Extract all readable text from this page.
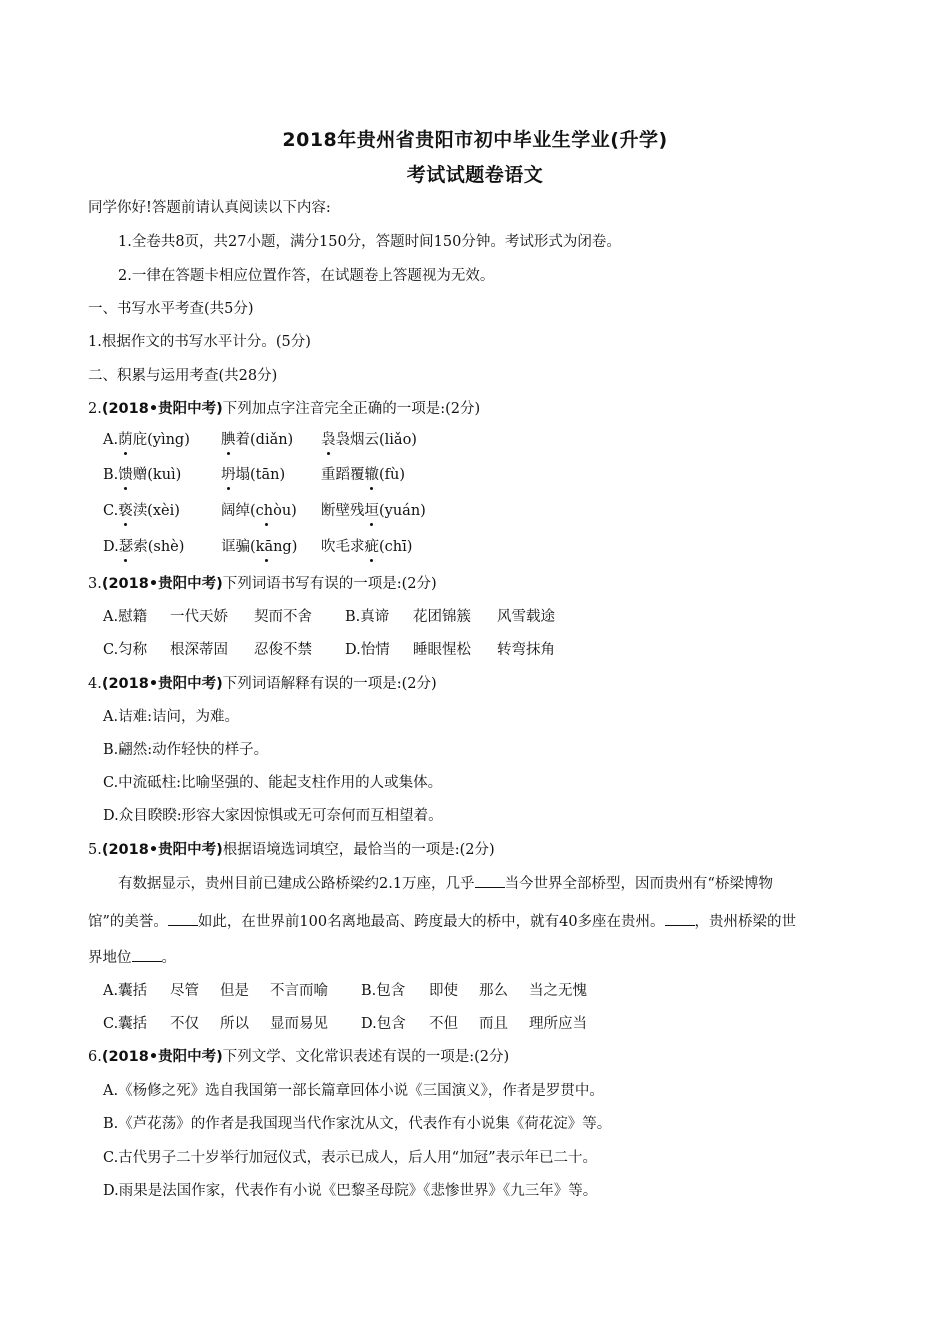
2018年贵州省贵阳市初中毕业生学业(升学)
考试试题卷语文
同学你好!答题前请认真阅读以下内容:
1.全卷共8页，共27小题，满分150分，答题时间150分钟。考试形式为闭卷。
2.一律在答题卡相应位置作答，在试题卷上答题视为无效。
一、书写水平考查(共5分)
1.根据作文的书写水平计分。(5分)
二、积累与运用考查(共28分)
2.(2018•贵阳中考)下列加点字注音完全正确的一项是:(2分)
A.荫庇(yìng) 腆着(diǎn) 袅袅烟云(liǎo)
B.馈赠(kuì)	坍塌(tān) 重蹈覆辙(fù)
C.亵渎(xèi)	阔绰(chòu) 断壁残垣(yuán)
D.瑟索(shè)	诓骗(kāng) 吹毛求疵(chī)
3.(2018•贵阳中考)下列词语书写有误的一项是:(2分)
A.慰籍 一代天娇 契而不舍 B.真谛 花团锦簇 风雪载途
C.匀称 根深蒂固 忍俊不禁 D.怡情 睡眼惺松 转弯抹角
4.(2018•贵阳中考)下列词语解释有误的一项是:(2分)
A.诘难:诘问，为难。
B.翩然:动作轻快的样子。
C.中流砥柱:比喻坚强的、能起支柱作用的人或集体。
D.众目睽睽:形容大家因惊惧或无可奈何而互相望着。
5.(2018•贵阳中考)根据语境选词填空，最恰当的一项是:(2分)
有数据显示，贵州目前已建成公路桥梁约2.1万座，几乎 当今世界全部桥型，因而贵州有“桥梁博物
馆”的美誉。 如此，在世界前100名离地最高、跨度最大的桥中，就有40多座在贵州。 ，贵州桥梁的世
界地位 。
A.囊括 尽管 但是 不言而喻 B.包含 即使 那么 当之无愧
C.囊括 不仅 所以 显而易见 D.包含 不但 而且 理所应当
6.(2018•贵阳中考)下列文学、文化常识表述有误的一项是:(2分)
A.《杨修之死》选自我国第一部长篇章回体小说《三国演义》，作者是罗贯中。
B.《芦花荡》的作者是我国现当代作家沈从文，代表作有小说集《荷花淀》等。
C.古代男子二十岁举行加冠仪式，表示已成人，后人用“加冠”表示年已二十。
D.雨果是法国作家，代表作有小说《巴黎圣母院》《悲惨世界》《九三年》等。
